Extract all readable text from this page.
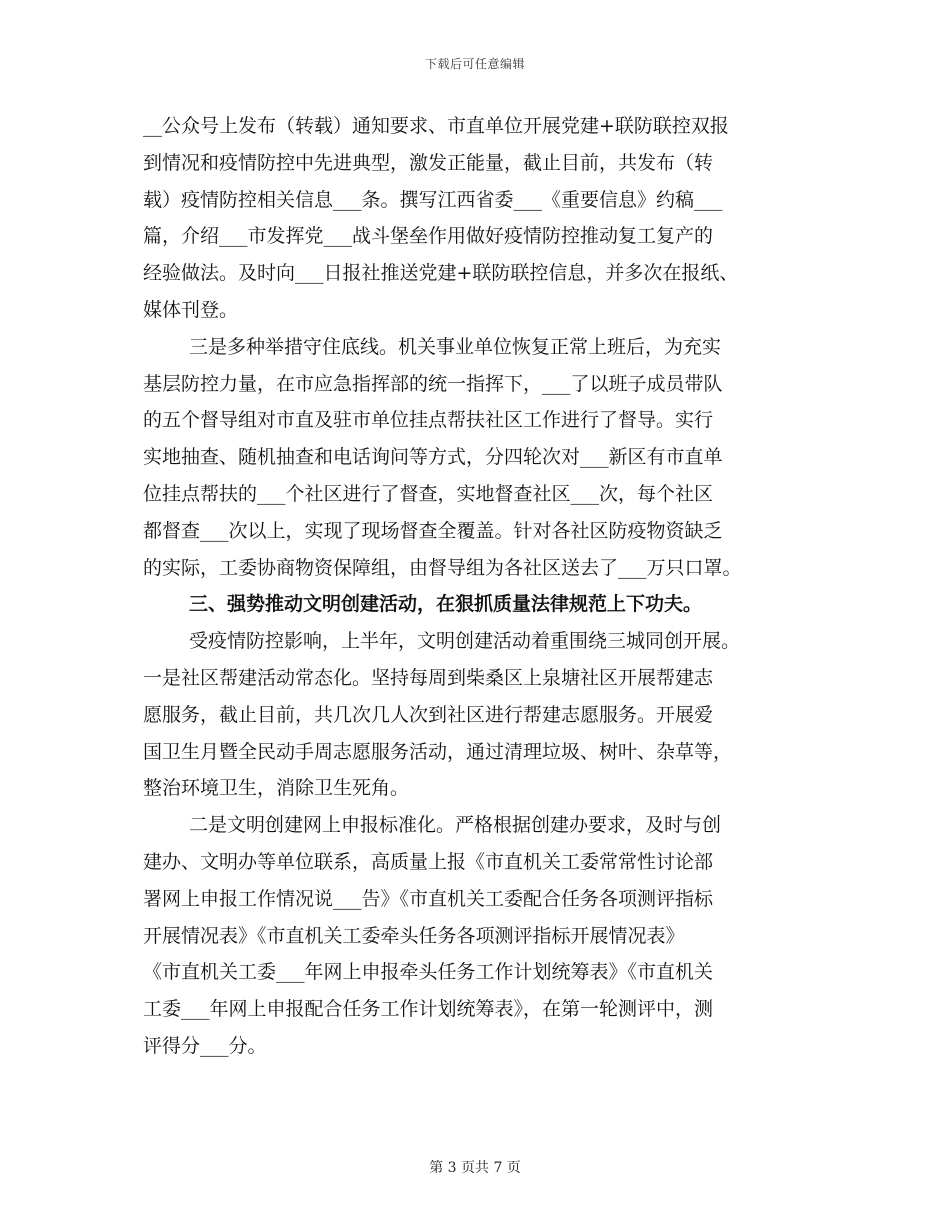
下载后可任意编辑
__公众号上发布（转载）通知要求、市直单位开展党建+联防联控双报
到情况和疫情防控中先进典型，激发正能量，截止目前，共发布（转
载）疫情防控相关信息___条。撰写江西省委___《重要信息》约稿___
篇，介绍___市发挥党___战斗堡垒作用做好疫情防控推动复工复产的
经验做法。及时向___日报社推送党建+联防联控信息，并多次在报纸、
媒体刊登。
三是多种举措守住底线。机关事业单位恢复正常上班后，为充实
基层防控力量，在市应急指挥部的统一指挥下，___了以班子成员带队
的五个督导组对市直及驻市单位挂点帮扶社区工作进行了督导。实行
实地抽查、随机抽查和电话询问等方式，分四轮次对___新区有市直单
位挂点帮扶的___个社区进行了督查，实地督查社区___次，每个社区
都督查___次以上，实现了现场督查全覆盖。针对各社区防疫物资缺乏
的实际，工委协商物资保障组，由督导组为各社区送去了___万只口罩。
三、强势推动文明创建活动，在狠抓质量法律规范上下功夫。
受疫情防控影响，上半年，文明创建活动着重围绕三城同创开展。
一是社区帮建活动常态化。坚持每周到柴桑区上泉塘社区开展帮建志
愿服务，截止目前，共几次几人次到社区进行帮建志愿服务。开展爱
国卫生月暨全民动手周志愿服务活动，通过清理垃圾、树叶、杂草等，
整治环境卫生，消除卫生死角。
二是文明创建网上申报标准化。严格根据创建办要求，及时与创
建办、文明办等单位联系，高质量上报《市直机关工委常常性讨论部
署网上申报工作情况说___告》《市直机关工委配合任务各项测评指标
开展情况表》《市直机关工委牵头任务各项测评指标开展情况表》
《市直机关工委___年网上申报牵头任务工作计划统筹表》《市直机关
工委___年网上申报配合任务工作计划统筹表》，在第一轮测评中，测
评得分___分。
第 3 页共 7 页
